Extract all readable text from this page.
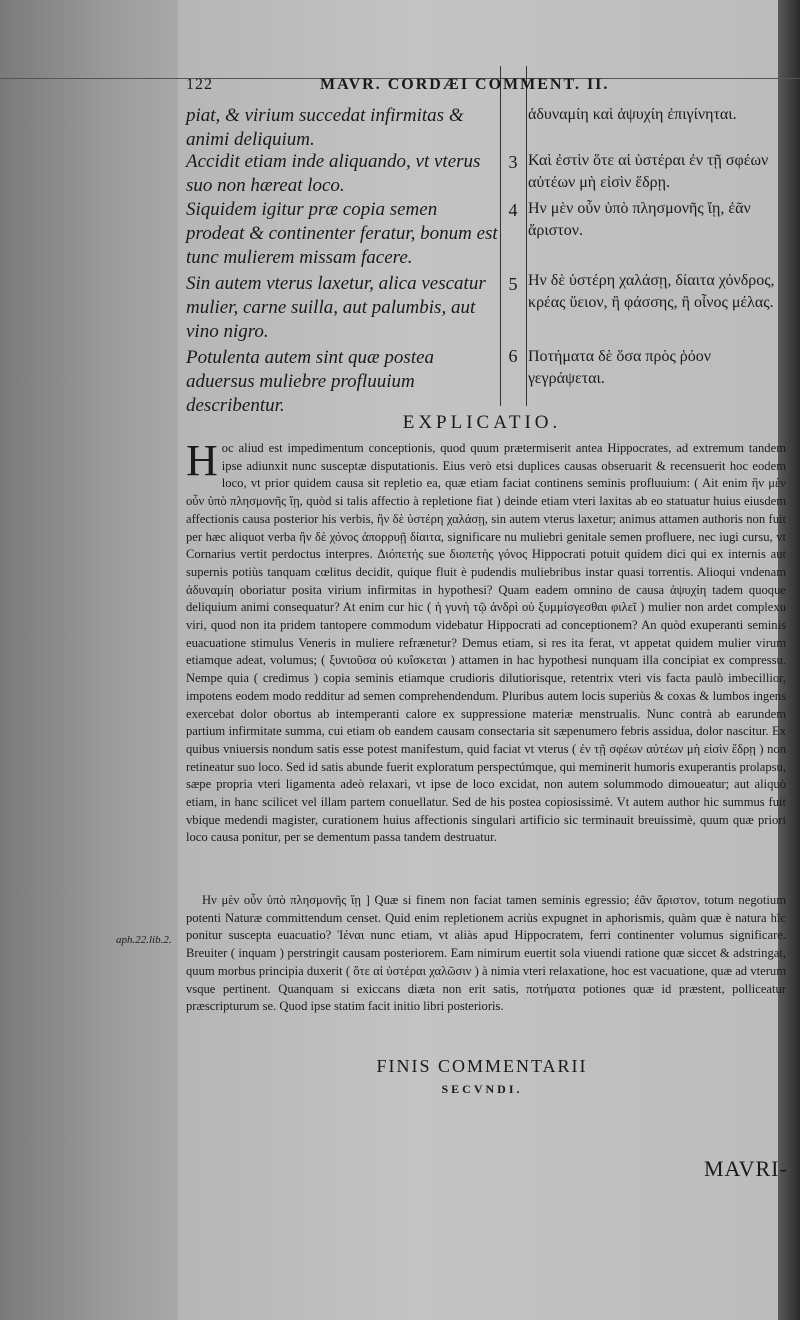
122	MAVR. CORDÆI COMMENT. II.

piat, & virium succedat infirmitas & animi deliquium.

ἀδυναμίη καὶ ἀψυχίη ἐπιγίνηται.

3

Accidit etiam inde aliquando, vt vterus suo non hæreat loco.

Καὶ ἐστὶν ὅτε αἱ ὑστέραι ἐν τῇ σφέων αὐτέων μὴ εἰσὶν ἕδρῃ.

4

Siquidem igitur præ copia semen prodeat & continenter feratur, bonum est tunc mulierem missam facere.

Ην μὲν οὖν ὑπὸ πλησμονῆς ἴῃ, ἐᾶν ἄριστον.

5

Sin autem vterus laxetur, alica vescatur mulier, carne suilla, aut palumbis, aut vino nigro.

Ην δὲ ὑστέρη χαλάσῃ, δίαιτα χόνδρος, κρέας ὕειον, ἢ φάσσης, ἢ οἶνος μέλας.

6

Potulenta autem sint quæ postea aduersus muliebre profluuium describentur.

Ποτήματα δὲ ὅσα πρὸς ῥόον γεγράψεται.

EXPLICATIO.

H oc aliud est impedimentum conceptionis, quod quum prætermiserit antea Hippocrates, ad extremum tandem ipse adiunxit nunc susceptæ disputationis. Eius verò etsi duplices causas obseruarit & recensuerit hoc eodem loco, vt prior quidem causa sit repletio ea, quæ etiam faciat continens seminis profluuium: ( Ait enim ἣν μὲν οὖν ὑπὸ πλησμονῆς ἴῃ, quòd si talis affectio à repletione fiat ) deinde etiam vteri laxitas ab eo statuatur huius eiusdem affectionis causa posterior his verbis, ἣν δὲ ὑστέρη χαλάσῃ, sin autem vterus laxetur; animus attamen authoris non fuit per hæc aliquot verba ἣν δὲ χόνος ἀπορρυῇ δίαιτα, significare nu muliebri genitale semen profluere, nec iugi cursu, vt Cornarius vertit perdoctus interpres. Διόπετής sue διοπετὴς γόνος Hippocrati potuit quidem dici qui ex internis aut supernis potiùs tanquam cœlitus decidit, quique fluit è pudendis muliebribus instar quasi torrentis. Alioqui vndenam ἀδυναμίη oboriatur posita virium infirmitas in hypothesi? Quam eadem omnino de causa ἀψυχίη tadem quoque deliquium animi consequatur? At enim cur hic ( ἡ γυνὴ τῷ ἀνδρὶ οὐ ξυμμίσγεσθαι φιλεῖ ) mulier non ardet complexu viri, quod non ita pridem tantopere commodum videbatur Hippocrati ad conceptionem? An quòd exuperanti seminis euacuatione stimulus Veneris in muliere refrænetur? Demus etiam, si res ita ferat, vt appetat quidem mulier virum etiamque adeat, volumus; ( ξυνιοῦσα οὐ κυΐσκεται ) attamen in hac hypothesi nunquam illa concipiat ex compressu. Nempe quia ( credimus ) copia seminis etiamque crudioris dilutiorisque, retentrix vteri vis facta paulò imbecillior, impotens eodem modo redditur ad semen comprehendendum. Pluribus autem locis superiùs & coxas & lumbos ingens exercebat dolor obortus ab intemperanti calore ex suppressione materiæ menstrualis. Nunc contrà ab earundem partium infirmitate summa, cui etiam ob eandem causam consectaria sit sæpenumero febris assidua, dolor nascitur. Ex quibus vniuersis nondum satis esse potest manifestum, quid faciat vt vterus ( ἐν τῇ σφέων αὐτέων μὴ εἰσὶν ἕδρῃ ) non retineatur suo loco. Sed id satis abunde fuerit exploratum perspectúmque, qui meminerit humoris exuperantis prolapsu, sæpe propria vteri ligamenta adeò relaxari, vt ipse de loco excidat, non autem solummodo dimoueatur; aut aliquò etiam, in hanc scilicet vel illam partem conuellatur. Sed de his postea copiosissimè. Vt autem author hic summus fuit vbique medendi magister, curationem huius affectionis singulari artificio sic terminauit breuissimè, quum quæ priori loco causa ponitur, per se dementum passa tandem destruatur.

Ην μὲν οὖν ὑπὸ πλησμονῆς ἴῃ ] Quæ si finem non faciat tamen seminis egressio; ἐᾶν ἄριστον, totum negotium potenti Naturæ committendum censet. Quid enim repletionem acriùs expugnet in aphorismis, quàm quæ è natura hîc ponitur suscepta euacuatio? Ἰέναι nunc etiam, vt aliàs apud Hippocratem, ferri continenter volumus significare. Breuiter ( inquam ) perstringit causam posteriorem. Eam nimirum euertit sola viuendi ratione quæ siccet & adstringat, quum morbus principia duxerit ( ὅτε αἱ ὑστέραι χαλῶσιν ) à nimia vteri relaxatione, hoc est vacuatione, quæ ad vterum vsque pertinent. Quanquam si exiccans diæta non erit satis, ποτήματα potiones quæ id præstent, polliceatur præscripturum se. Quod ipse statim facit initio libri posterioris.

aph.22.lib.2.
FINIS COMMENTARII
SECVNDI.
MAVRI-
